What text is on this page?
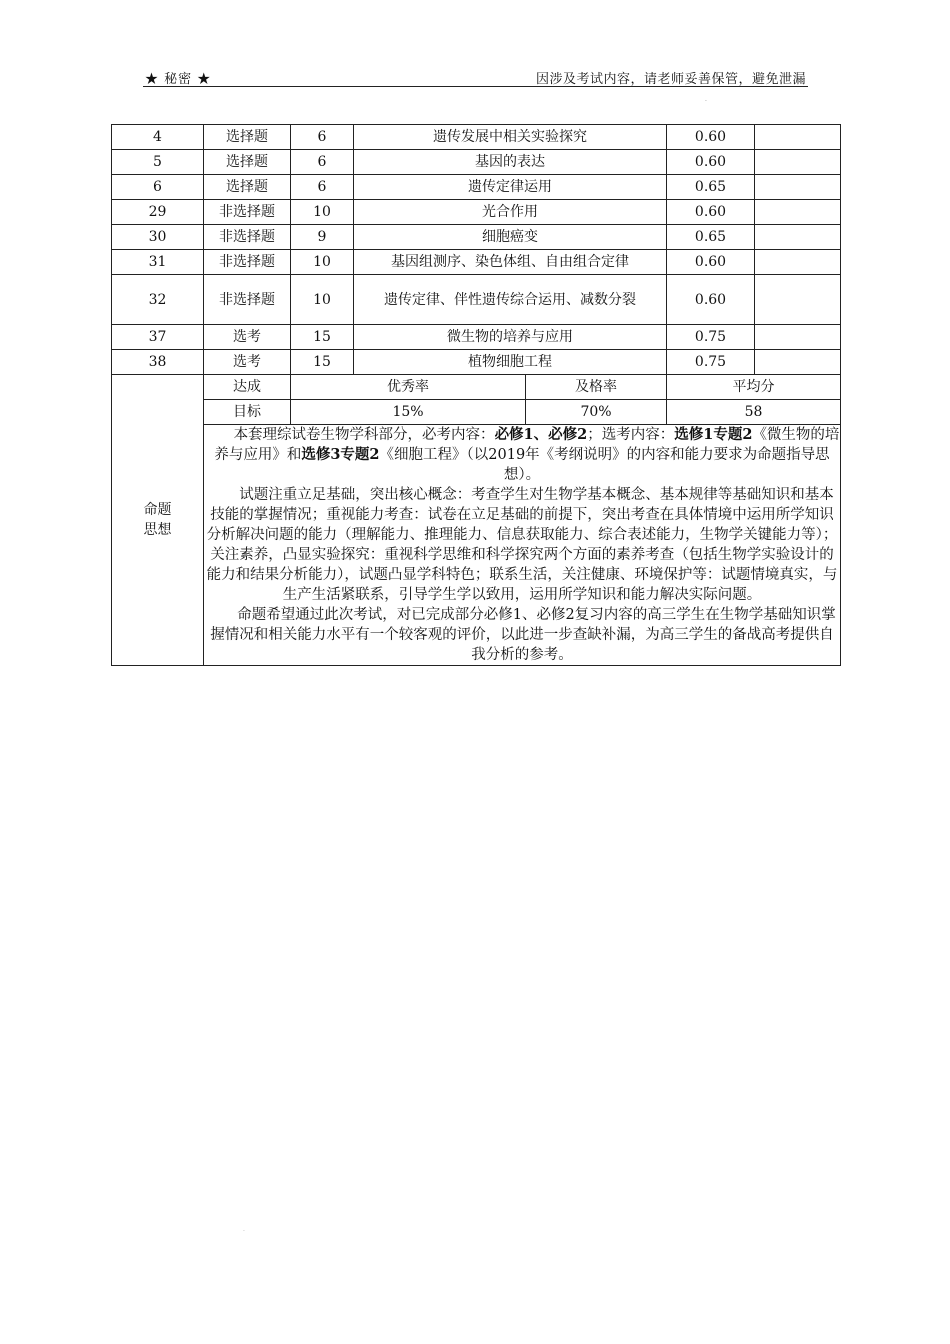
★ 秘密 ★	因涉及考试内容，请老师妥善保管，避免泄漏
.
4	选择题	6	遗传发展中相关实验探究		0.60	
5	选择题	6	基因的表达		0.60	
6	选择题	6	遗传定律运用		0.65	
29	非选择题	10	光合作用		0.60	
30	非选择题	9	细胞癌变		0.65	
31	非选择题	10	基因组测序、染色体组、自由组合定律		0.60	
32	非选择题	10	遗传定律、伴性遗传综合运用、减数分裂		0.60	
37	选考	15	微生物的培养与应用		0.75	
38	选考	15	植物细胞工程		0.75	
命题
思想	达成	优秀率		及格率	平均分	
	目标	15%		70%	58	

	本套理综试卷生物学科部分，必考内容：必修1、必修2；选考内容：选修1专题2《微生物的培养与应用》和选修3专题2《细胞工程》（以2019年《考纲说明》的内容和能力要求为命题指导思想）。

试题注重立足基础，突出核心概念：考查学生对生物学基本概念、基本规律等基础知识和基本技能的掌握情况；重视能力考查：试卷在立足基础的前提下，突出考查在具体情境中运用所学知识分析解决问题的能力（理解能力、推理能力、信息获取能力、综合表述能力，生物学关键能力等）；关注素养，凸显实验探究：重视科学思维和科学探究两个方面的素养考查（包括生物学实验设计的能力和结果分析能力），试题凸显学科特色；联系生活，关注健康、环境保护等：试题情境真实，与生产生活紧联系，引导学生学以致用，运用所学知识和能力解决实际问题。

命题希望通过此次考试，对已完成部分必修1、必修2复习内容的高三学生在生物学基础知识掌握情况和相关能力水平有一个较客观的评价，以此进一步查缺补漏，为高三学生的备战高考提供自我分析的参考。					

.
